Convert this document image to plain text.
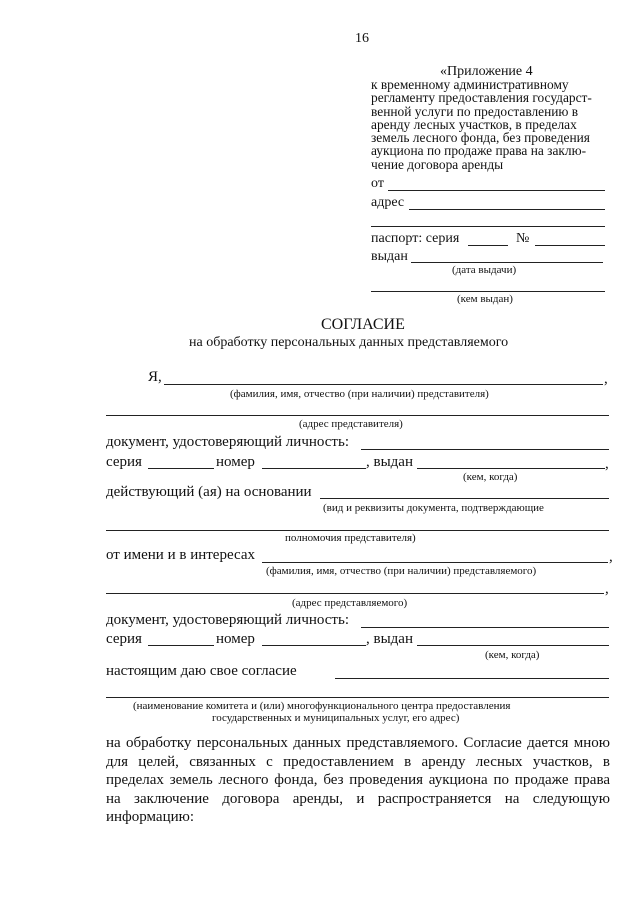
16
«Приложение 4
к временному административному
регламенту предоставления государст-
венной услуги по предоставлению в
аренду лесных участков, в пределах
земель лесного фонда, без проведения
аукциона по продаже права на заклю-
чение договора аренды
от
адрес
паспорт: серия	№
выдан
(дата выдачи)
(кем выдан)
СОГЛАСИЕ
на обработку персональных данных представляемого
Я,	,
(фамилия, имя, отчество (при наличии) представителя)
(адрес представителя)
документ, удостоверяющий личность:
серия	номер	, выдан	,
(кем, когда)
действующий (ая) на основании
(вид и реквизиты документа, подтверждающие
полномочия представителя)
от имени и в интересах	,
(фамилия, имя, отчество (при наличии) представляемого)
,
(адрес представляемого)
документ, удостоверяющий личность:
серия	номер	, выдан
(кем, когда)
настоящим даю свое согласие
(наименование комитета и (или) многофункционального центра предоставления
государственных и муниципальных услуг, его адрес)
на обработку персональных данных представляемого. Согласие дается мною
для целей, связанных с предоставлением в аренду лесных участков, в
пределах земель лесного фонда, без проведения аукциона по продаже права
на заключение договора аренды, и распространяется на следующую
информацию:
